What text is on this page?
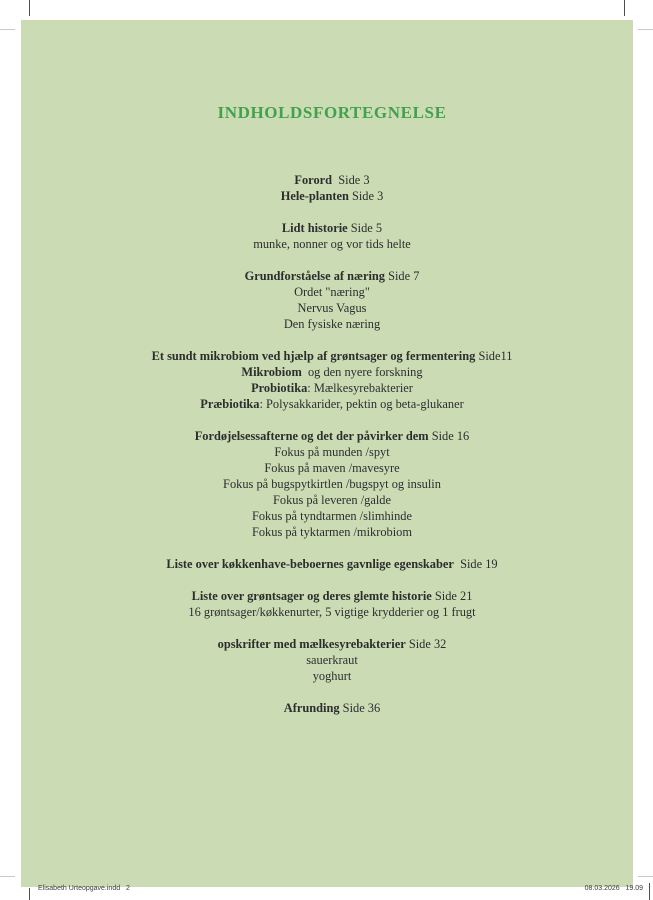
INDHOLDSFORTEGNELSE
Forord  Side 3
Hele-planten Side 3
Lidt historie Side 5
munke, nonner og vor tids helte
Grundforståelse af næring Side 7
Ordet "næring"
Nervus Vagus
Den fysiske næring
Et sundt mikrobiom ved hjælp af grøntsager og fermentering Side11
Mikrobiom  og den nyere forskning
Probiotika: Mælkesyrebakterier
Præbiotika: Polysakkarider, pektin og beta-glukaner
Fordøjelsessafterne og det der påvirker dem Side 16
Fokus på munden /spyt
Fokus på maven /mavesyre
Fokus på bugspytkirtlen /bugspyt og insulin
Fokus på leveren /galde
Fokus på tyndtarmen /slimhinde
Fokus på tyktarmen /mikrobiom
Liste over køkkenhave-beboernes gavnlige egenskaber  Side 19
Liste over grøntsager og deres glemte historie Side 21
16 grøntsager/køkkenurter, 5 vigtige krydderier og 1 frugt
opskrifter med mælkesyrebakterier Side 32
sauerkraut
yoghurt
Afrunding Side 36
Elisabeth Urteopgave.indd   2	08.03.2026   19.09
